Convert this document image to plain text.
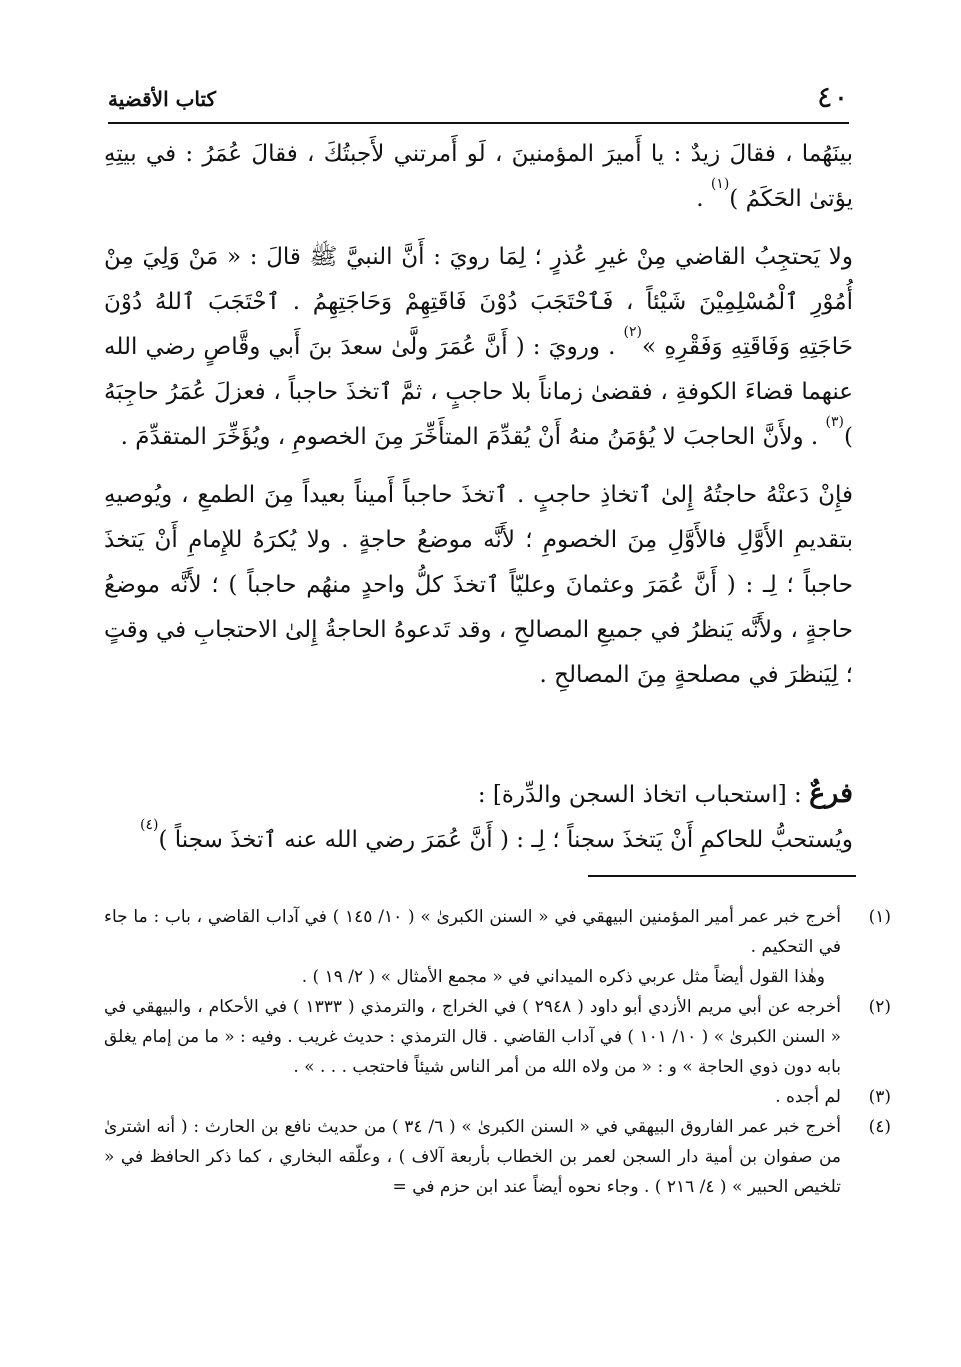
٤٠
كتاب الأقضية

بينَهُما ، فقالَ زيدٌ : يا أَميرَ المؤمنينَ ، لَو أَمرتني لأَجبتُكَ ، فقالَ عُمَرُ : في بيتِهِ يؤتىٰ الحَكَمُ )$^{(١)}$ .

ولا يَحتجِبُ القاضي مِنْ غيرِ عُذرٍ ؛ لِمَا رويَ : أَنَّ النبيَّ ﷺ قالَ : « مَنْ وَلِيَ مِنْ أُمُوْرِ ٱلْمُسْلِمِيْنَ شَيْئاً ، فَٱحْتَجَبَ دُوْنَ فَاقَتِهِمْ وَحَاجَتِهِمُ . ٱحْتَجَبَ ٱللهُ دُوْنَ حَاجَتِهِ وَفَاقَتِهِ وَفَقْرِهِ »$^{(٢)}$ . ورويَ : ( أَنَّ عُمَرَ ولَّىٰ سعدَ بنَ أَبي وقَّاصٍ رضي الله عنهما قضاءَ الكوفةِ ، فقضىٰ زماناً بلا حاجبٍ ، ثمَّ ٱتخذَ حاجباً ، فعزلَ عُمَرُ حاجِبَهُ )$^{(٣)}$ . ولأَنَّ الحاجبَ لا يُؤمَنُ منهُ أَنْ يُقدِّمَ المتأَخِّرَ مِنَ الخصومِ ، ويُؤَخِّرَ المتقدِّمَ .

فإِنْ دَعتْهُ حاجتُهُ إِلىٰ ٱتخاذِ حاجبٍ . ٱتخذَ حاجباً أَميناً بعيداً مِنَ الطمعِ ، ويُوصيهِ بتقديمِ الأَوَّلِ فالأَوَّلِ مِنَ الخصومِ ؛ لأَنَّه موضعُ حاجةٍ . ولا يُكرَهُ للإِمامِ أَنْ يَتخذَ حاجباً ؛ لِـ : ( أَنَّ عُمَرَ وعثمانَ وعليّاً ٱتخذَ كلُّ واحدٍ منهُم حاجباً ) ؛ لأَنَّه موضعُ حاجةٍ ، ولأَنَّه يَنظرُ في جميعِ المصالحِ ، وقد تَدعوهُ الحاجةُ إِلىٰ الاحتجابِ في وقتٍ ؛ لِيَنظرَ في مصلحةٍ مِنَ المصالحِ .

فرعٌ : [استحباب اتخاذ السجن والدِّرة] :

ويُستحبُّ للحاكمِ أَنْ يَتخذَ سجناً ؛ لِـ : ( أَنَّ عُمَرَ رضي الله عنه ٱتخذَ سجناً )$^{(٤)}$

(١)
أخرج خبر عمر أمير المؤمنين البيهقي في « السنن الكبرىٰ » ( ١٠/ ١٤٥ ) في آداب القاضي ، باب : ما جاء في التحكيم .
وهٰذا القول أيضاً مثل عربي ذكره الميداني في « مجمع الأمثال » ( ٢/ ١٩ ) .
(٢)
أخرجه عن أبي مريم الأزدي أبو داود ( ٢٩٤٨ ) في الخراج ، والترمذي ( ١٣٣٣ ) في الأحكام ، والبيهقي في « السنن الكبرىٰ » ( ١٠/ ١٠١ ) في آداب القاضي . قال الترمذي : حديث غريب . وفيه : « ما من إمام يغلق بابه دون ذوي الحاجة » و : « من ولاه الله من أمر الناس شيئاً فاحتجب . . . » .
(٣)
لم أجده .
(٤)
أخرج خبر عمر الفاروق البيهقي في « السنن الكبرىٰ » ( ٦/ ٣٤ ) من حديث نافع بن الحارث : ( أنه اشترىٰ من صفوان بن أمية دار السجن لعمر بن الخطاب بأربعة آلاف ) ، وعلّقه البخاري ، كما ذكر الحافظ في « تلخيص الحبير » ( ٤/ ٢١٦ ) . وجاء نحوه أيضاً عند ابن حزم في =
